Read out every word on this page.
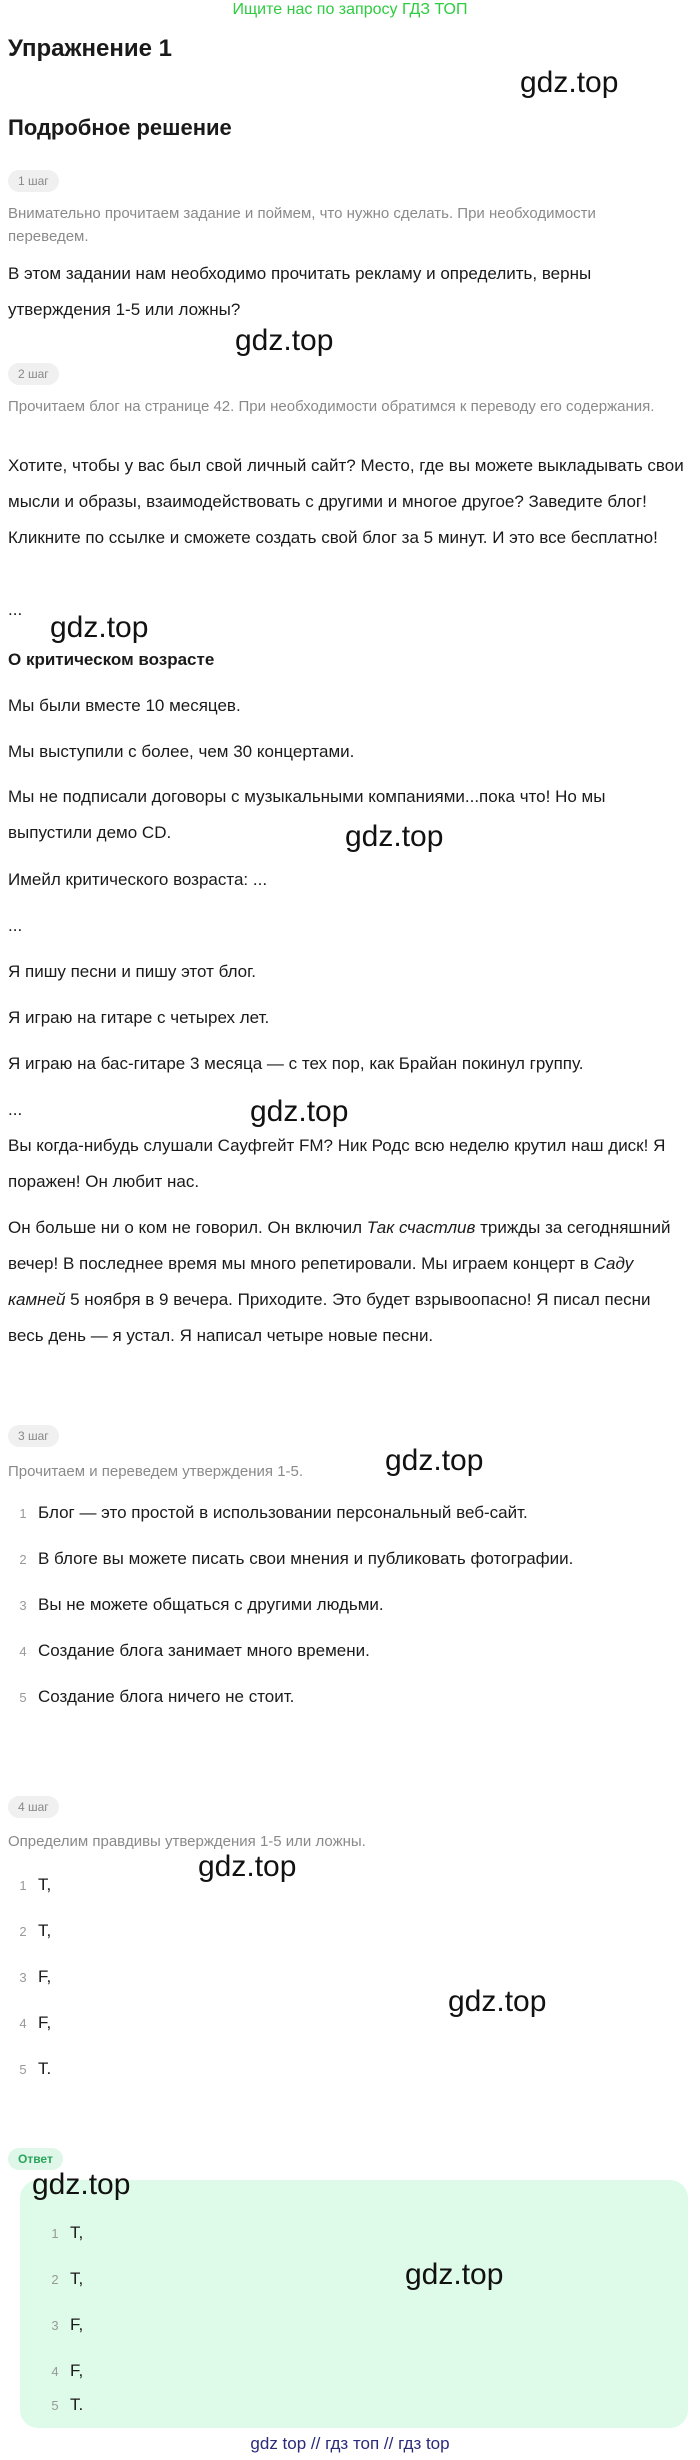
Ищите нас по запросу ГДЗ ТОП
Упражнение 1
gdz.top
Подробное решение
1 шаг
Внимательно прочитаем задание и поймем, что нужно сделать. При необходимости переведем.
В этом задании нам необходимо прочитать рекламу и определить, верны утверждения 1-5 или ложны?
gdz.top
2 шаг
Прочитаем блог на странице 42. При необходимости обратимся к переводу его содержания.
Хотите, чтобы у вас был свой личный сайт? Место, где вы можете выкладывать свои мысли и образы, взаимодействовать с другими и многое другое? Заведите блог! Кликните по ссылке и сможете создать свой блог за 5 минут. И это все бесплатно!
...
gdz.top
О критическом возрасте
Мы были вместе 10 месяцев.
Мы выступили с более, чем 30 концертами.
Мы не подписали договоры с музыкальными компаниями...пока что! Но мы выпустили демо CD.	gdz.top
Имейл критического возраста: ...
...
Я пишу песни и пишу этот блог.
Я играю на гитаре с четырех лет.
Я играю на бас-гитаре 3 месяца — с тех пор, как Брайан покинул группу.
...	gdz.top
Вы когда-нибудь слушали Сауфгейт FM? Ник Родс всю неделю крутил наш диск! Я поражен! Он любит нас.
Он больше ни о ком не говорил. Он включил Так счастлив трижды за сегодняшний вечер! В последнее время мы много репетировали. Мы играем концерт в Саду камней 5 ноября в 9 вечера. Приходите. Это будет взрывоопасно! Я писал песни весь день — я устал. Я написал четыре новые песни.
3 шаг
gdz.top
Прочитаем и переведем утверждения 1-5.
1 Блог — это простой в использовании персональный веб-сайт.
2 В блоге вы можете писать свои мнения и публиковать фотографии.
3 Вы не можете общаться с другими людьми.
4 Создание блога занимает много времени.
5 Создание блога ничего не стоит.
4 шаг
Определим правдивы утверждения 1-5 или ложны.
gdz.top
1 T,
2 T,
3 F,
gdz.top
4 F,
5 T.
Ответ
gdz.top
1 T,
2 T,	gdz.top
3 F,
4 F,
5 T.
gdz top // гдз топ // гдз top
